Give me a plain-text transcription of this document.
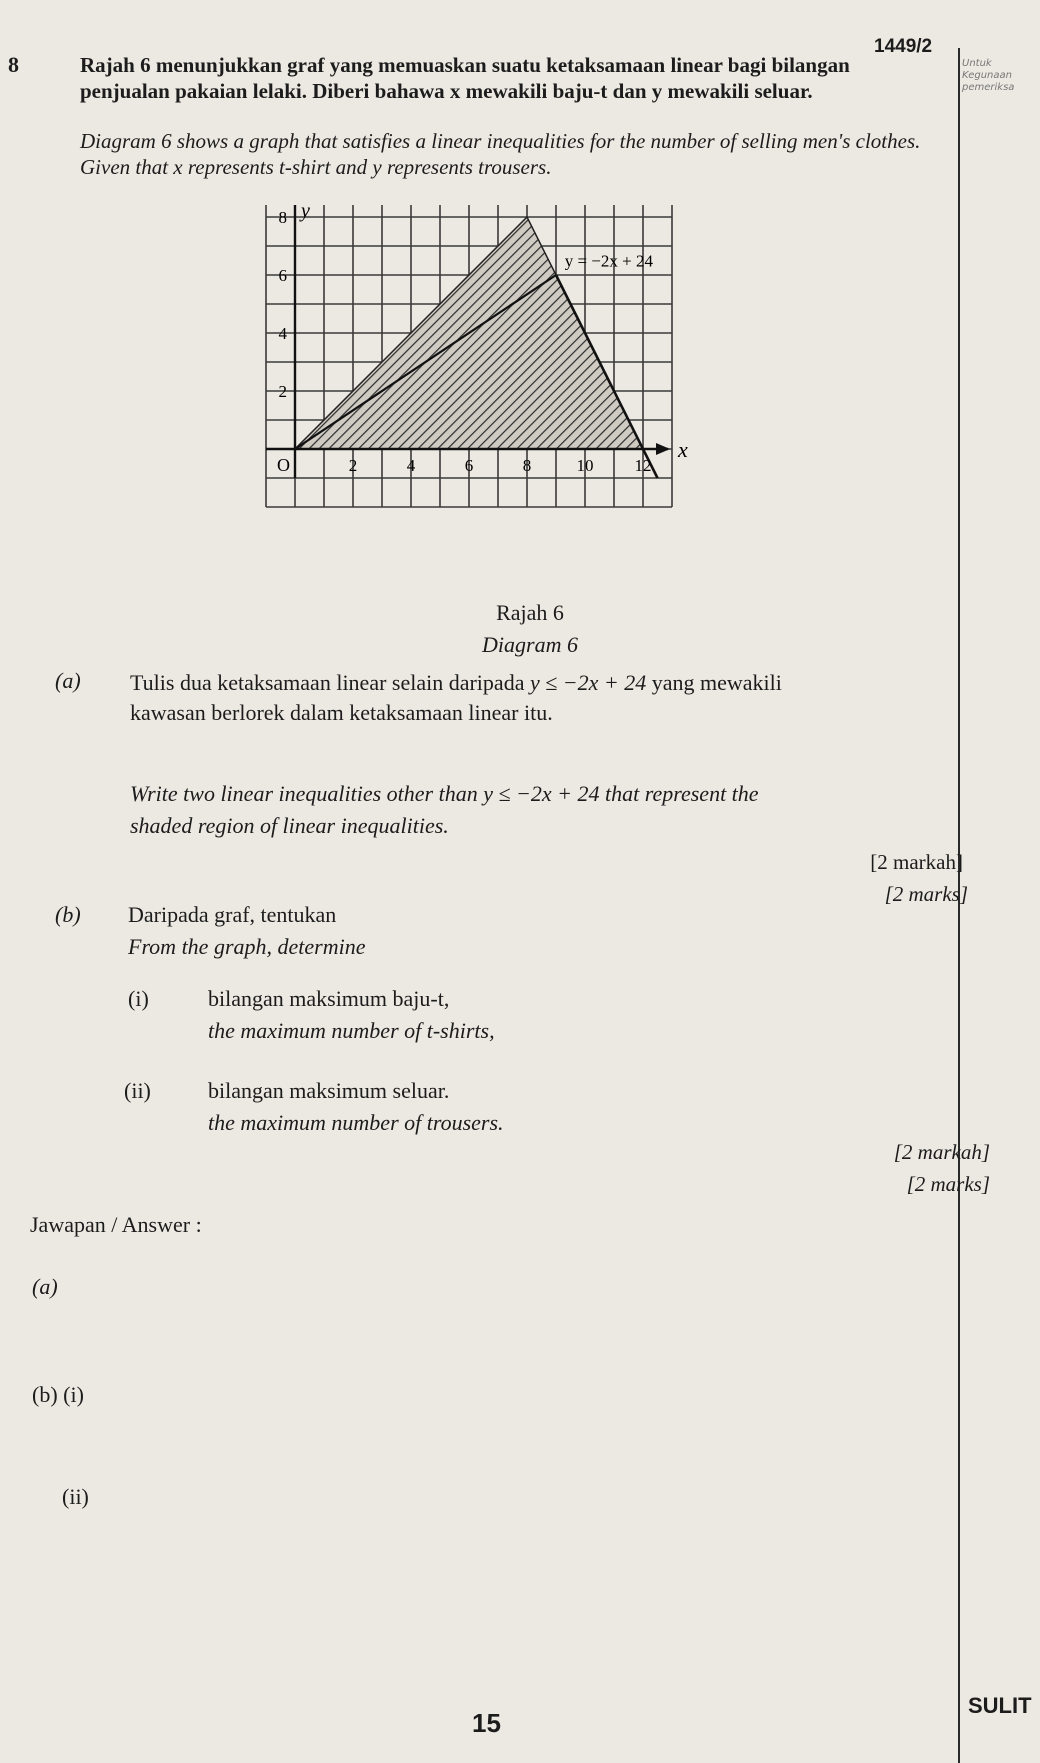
1449/2
Untuk
Kegunaan
pemeriksa
8	Rajah 6 menunjukkan graf yang memuaskan suatu ketaksamaan linear bagi bilangan penjualan pakaian lelaki. Diberi bahawa x mewakili baju-t dan y mewakili seluar.
Diagram 6 shows a graph that satisfies a linear inequalities for the number of selling men's clothes. Given that x represents t-shirt and y represents trousers.
2	4	6	8	10 12
2
4
6
8 y
x
O
y = −2x + 24
Rajah 6
Diagram 6
(a) Tulis dua ketaksamaan linear selain daripada y ≤ −2x + 24 yang mewakili
kawasan berlorek dalam ketaksamaan linear itu.
Write two linear inequalities other than y ≤ −2x + 24 that represent the
shaded region of linear inequalities.
[2 markah]
[2 marks]
(b) Daripada graf, tentukan
From the graph, determine
(i)	bilangan maksimum baju-t,
the maximum number of t-shirts,
(ii)	bilangan maksimum seluar.
the maximum number of trousers.
[2 markah]
[2 marks]
Jawapan / Answer :
(a)
(b) (i)
(ii)
SULIT
15
